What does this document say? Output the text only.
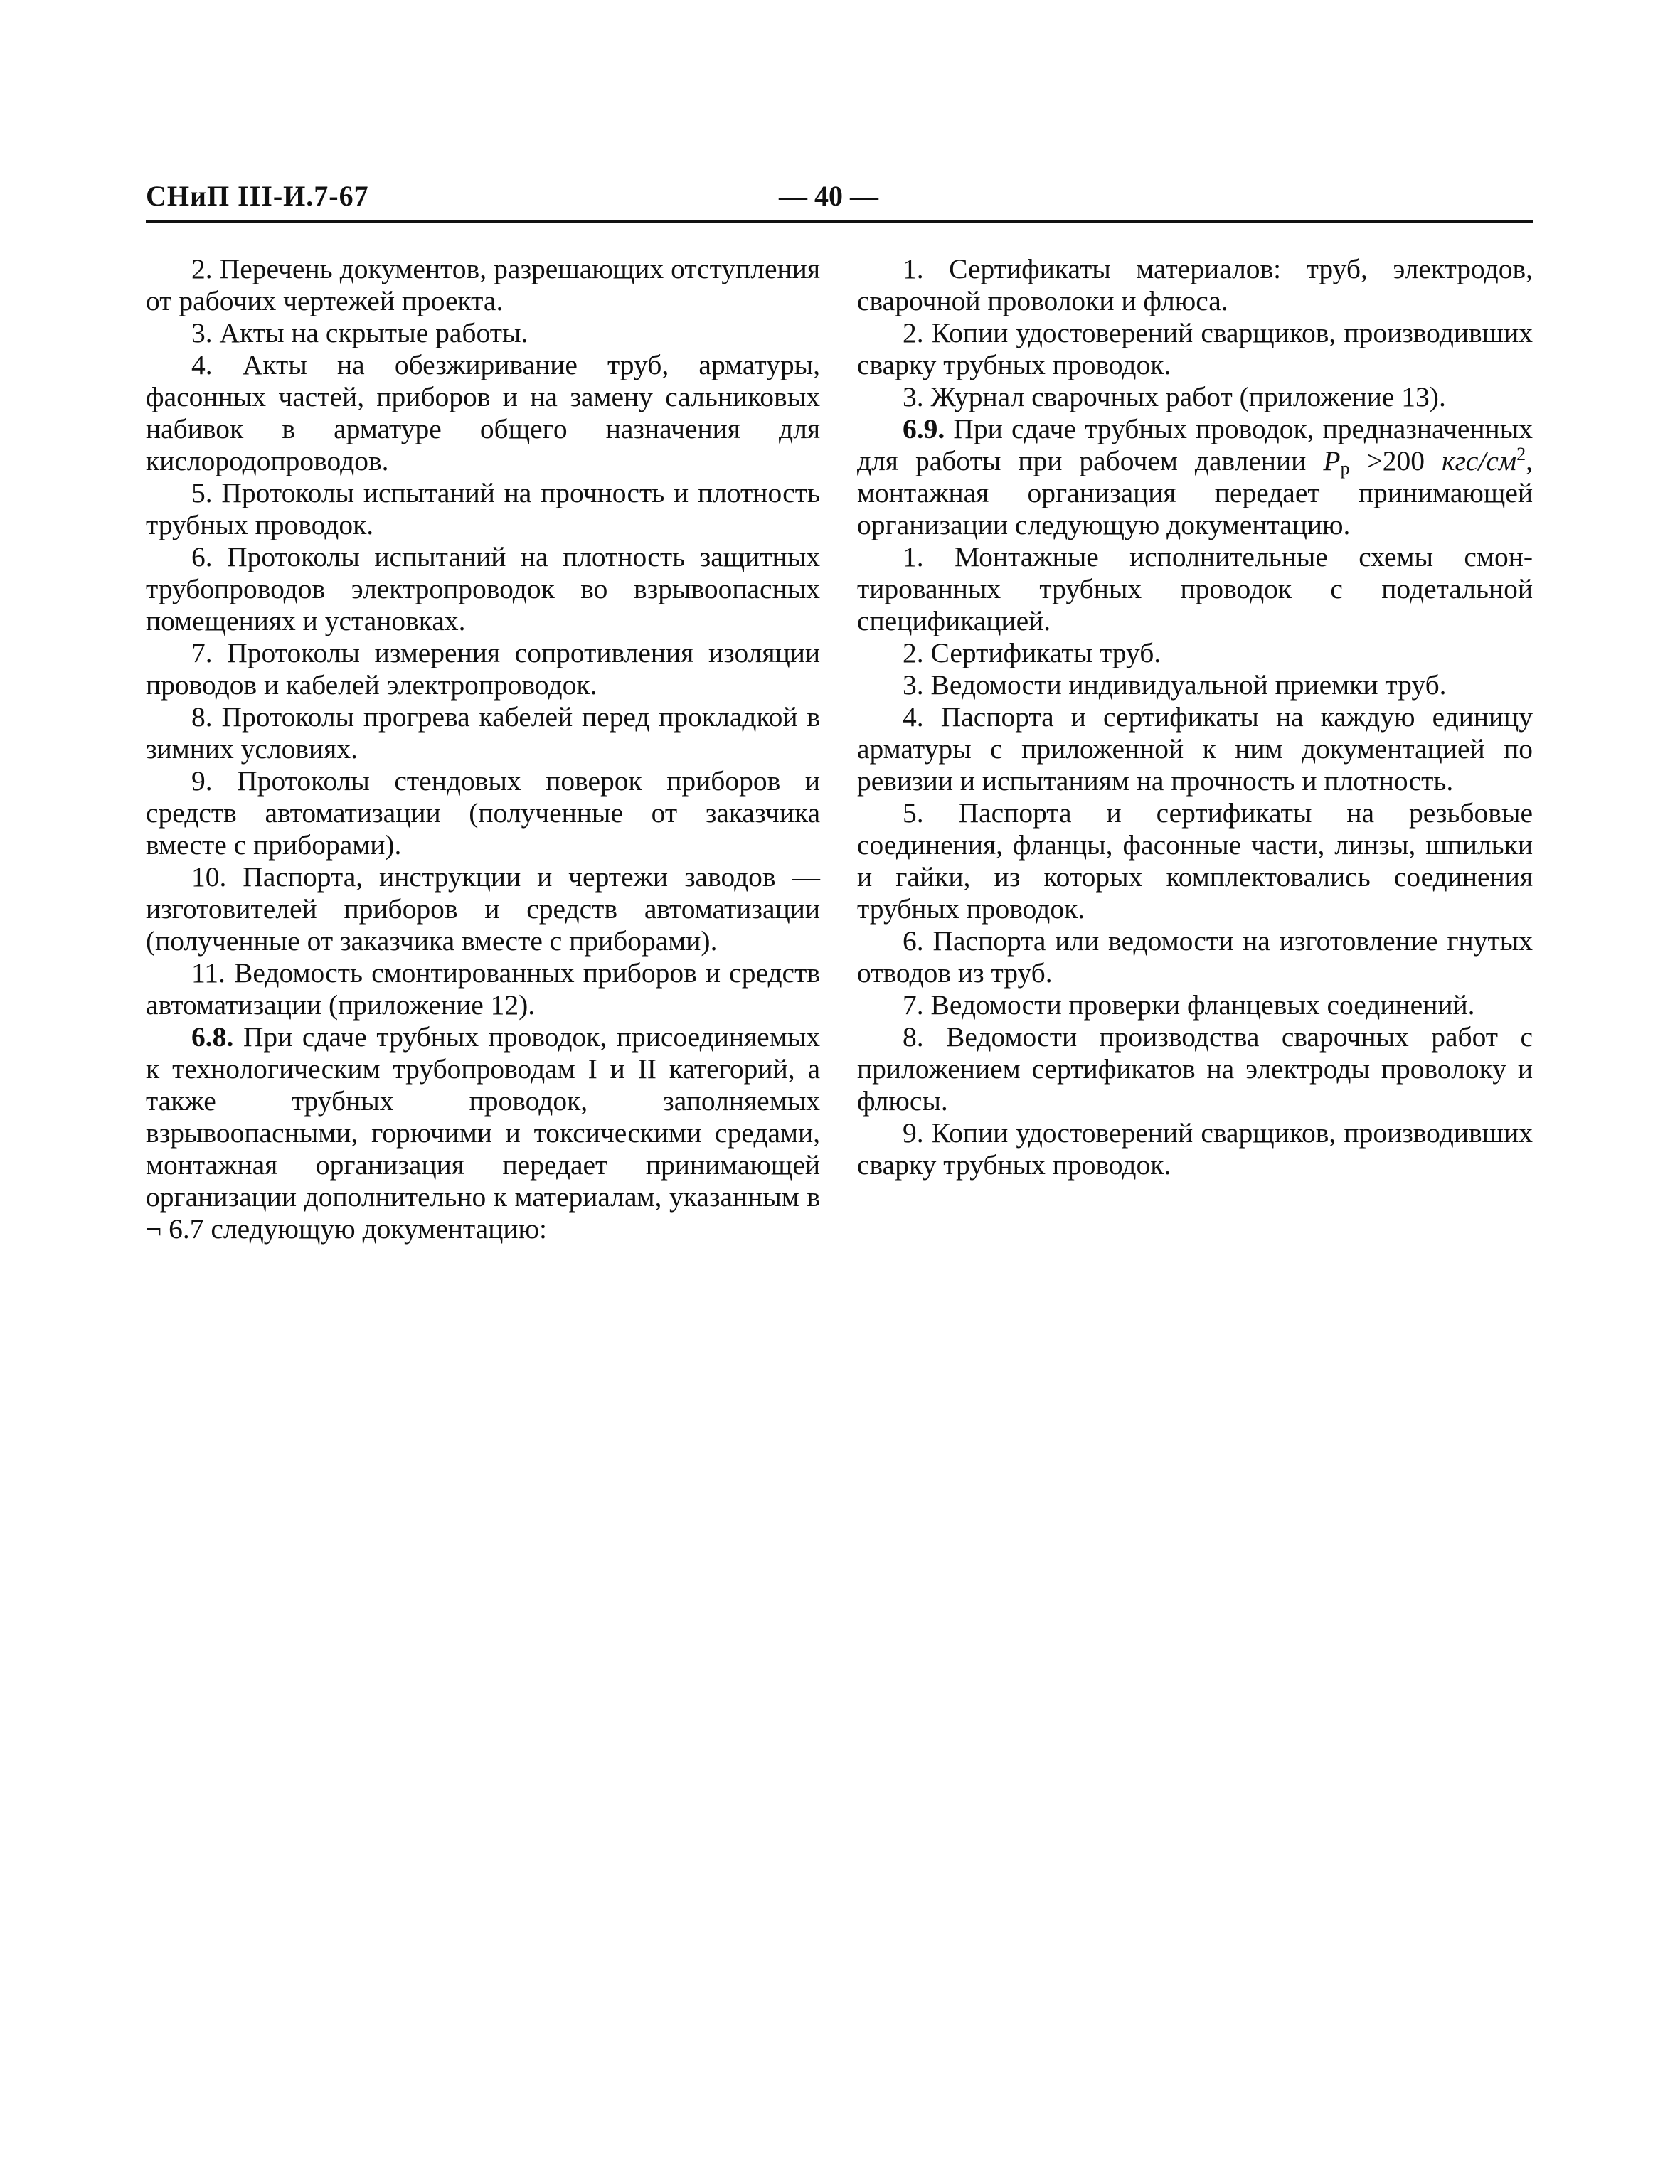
СНиП III-И.7-67	— 40 —

2. Перечень документов, разрешающих отступления от рабочих чертежей проекта.

3. Акты на скрытые работы.

4. Акты на обезжиривание труб, арматуры, фасонных частей, приборов и на замену сальниковых набивок в арматуре общего назначения для кислородопроводов.

5. Протоколы испытаний на прочность и плотность трубных проводок.

6. Протоколы испытаний на плотность защитных трубопроводов электропроводок во взрывоопасных помещениях и установках.

7. Протоколы измерения сопротивления изоляции проводов и кабелей электропроводок.

8. Протоколы прогрева кабелей перед прокладкой в зимних условиях.

9. Протоколы стендовых поверок приборов и средств автоматизации (полученные от заказчика вместе с приборами).

10. Паспорта, инструкции и чертежи заводов — изготовителей приборов и средств автоматизации (полученные от заказчика вместе с приборами).

11. Ведомость смонтированных приборов и средств автоматизации (приложение 12).

6.8. При сдаче трубных проводок, присоединяемых к технологическим трубопроводам I и II категорий, а также трубных проводок, заполняемых взрывоопасными, горючими и токсическими средами, монтажная организация передает принимающей организации дополнительно к материалам, указанным в ¬ 6.7 следующую документацию:

1. Сертификаты материалов: труб, электродов, сварочной проволоки и флюса.

2. Копии удостоверений сварщиков, производивших сварку трубных проводок.

3. Журнал сварочных работ (приложение 13).

6.9. При сдаче трубных проводок, предназначенных для работы при рабочем давлении $P_р >200$ кгс/$см^2$, монтажная организация передает принимающей организации следующую документацию.

1. Монтажные исполнительные схемы смонтированных трубных проводок с подетальной спецификацией.

2. Сертификаты труб.

3. Ведомости индивидуальной приемки труб.

4. Паспорта и сертификаты на каждую единицу арматуры с приложенной к ним документацией по ревизии и испытаниям на прочность и плотность.

5. Паспорта и сертификаты на резьбовые соединения, фланцы, фасонные части, линзы, шпильки и гайки, из которых комплектовались соединения трубных проводок.

6. Паспорта или ведомости на изготовление гнутых отводов из труб.

7. Ведомости проверки фланцевых соединений.

8. Ведомости производства сварочных работ с приложением сертификатов на электроды проволоку и флюсы.

9. Копии удостоверений сварщиков, производивших сварку трубных проводок.
